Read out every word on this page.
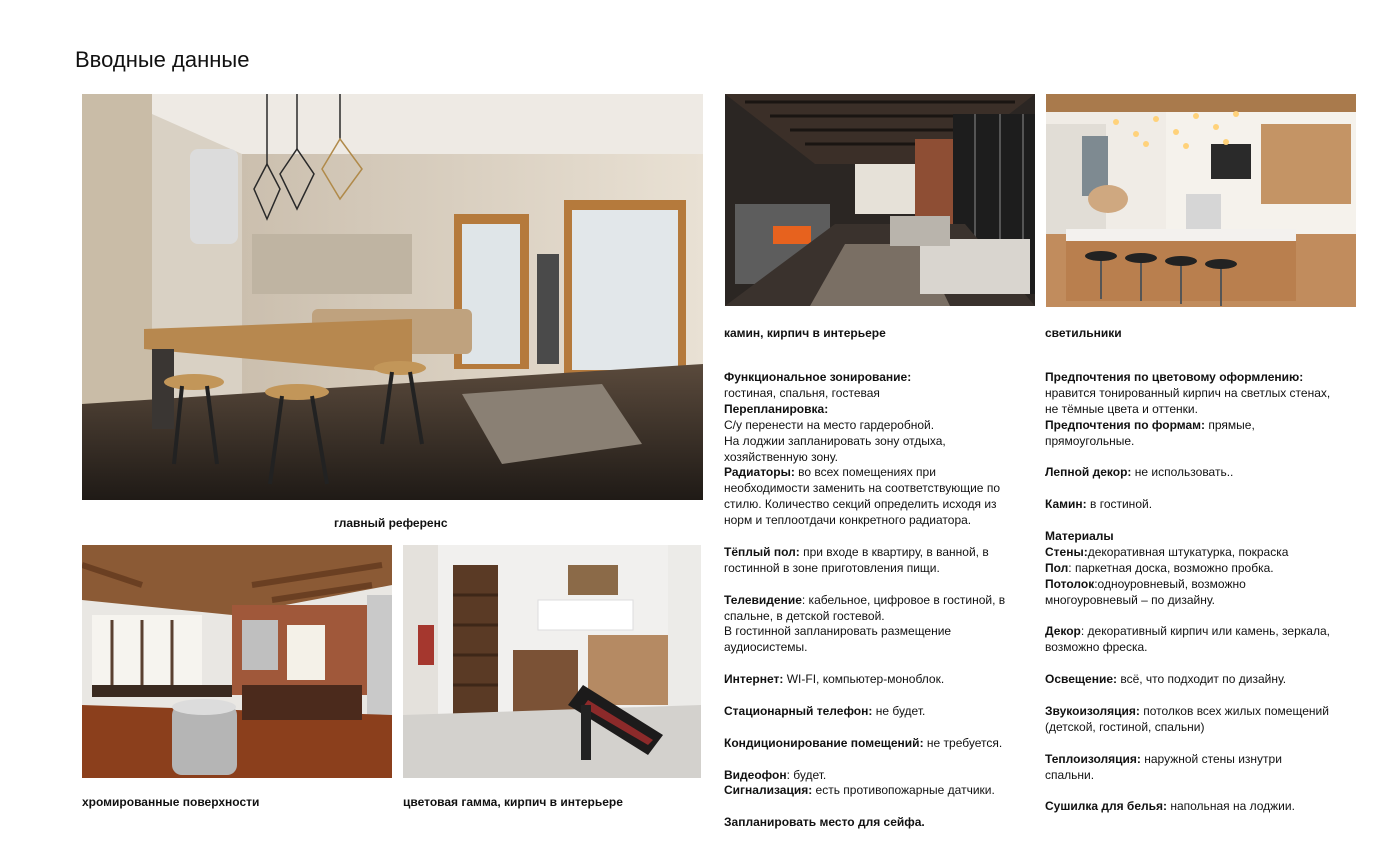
Вводные данные
главный референс
камин, кирпич в интерьере	светильники
хромированные поверхности	цветовая гамма, кирпич в интерьере

Функциональное зонирование:
гостиная, спальня, гостевая

Перепланировка:
С/у перенести на место гардеробной.
На лоджии запланировать зону отдыха,
хозяйственную зону.

Радиаторы: во всех помещениях при
необходимости заменить на соответствующие по
стилю. Количество секций определить исходя из
норм и теплоотдачи конкретного радиатора.

Тёплый пол: при входе в квартиру, в ванной, в
гостинной в зоне приготовления пищи.

Телевидение: кабельное, цифровое в гостиной, в
спальне, в детской гостевой.
В гостинной запланировать размещение
аудиосистемы.

Интернет: WI-FI, компьютер-моноблок.

Стационарный телефон: не будет.

Кондиционирование помещений: не требуется.

Видеофон: будет.

Сигнализация: есть противопожарные датчики.

Запланировать место для сейфа.

Предпочтения по цветовому оформлению:
нравится тонированный кирпич на светлых стенах,
не тёмные цвета и оттенки.

Предпочтения по формам: прямые,
прямоугольные.

Лепной декор: не использовать..

Камин: в гостиной.

Материалы

Стены:декоративная штукатурка, покраска

Пол: паркетная доска, возможно пробка.

Потолок:одноуровневый, возможно
многоуровневый – по дизайну.

Декор: декоративный кирпич или камень, зеркала,
возможно фреска.

Освещение: всё, что подходит по дизайну.

Звукоизоляция: потолков всех жилых помещений
(детской, гостиной, спальни)

Теплоизоляция: наружной стены изнутри
спальни.

Сушилка для белья: напольная на лоджии.
